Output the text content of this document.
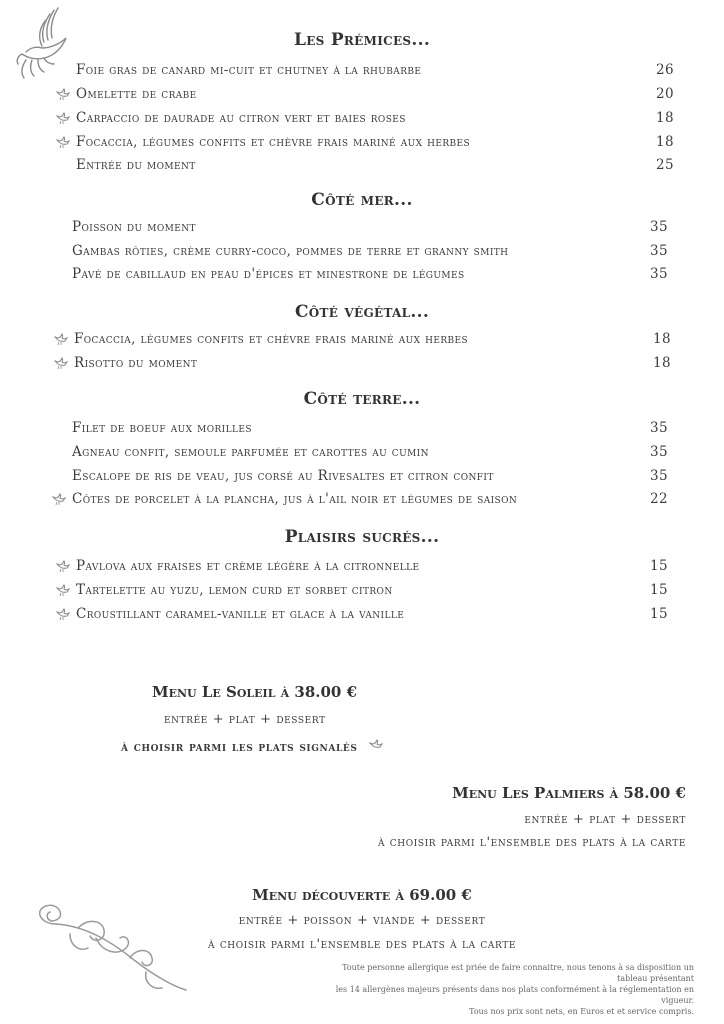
Les Prémices...
Foie gras de canard mi-cuit et chutney à la rhubarbe	26
Omelette de crabe	20
Carpaccio de daurade au citron vert et baies roses	18
Focaccia, légumes confits et chèvre frais mariné aux herbes	18
Entrée du moment	25
Côté mer...
Poisson du moment	35
Gambas rôties, crème curry-coco, pommes de terre et granny smith	35
Pavé de cabillaud en peau d'épices et minestrone de légumes	35
Côté végétal...
Focaccia, légumes confits et chèvre frais mariné aux herbes	18
Risotto du moment	18
Côté terre...
Filet de boeuf aux morilles	35
Agneau confit, semoule parfumée et carottes au cumin	35
Escalope de ris de veau, jus corsé au Rivesaltes et citron confit	35
Côtes de porcelet à la plancha, jus à l'ail noir et légumes de saison	22
Plaisirs sucrés...
Pavlova aux fraises et crème légère à la citronnelle	15
Tartelette au yuzu, lemon curd et sorbet citron	15
Croustillant caramel-vanille et glace à la vanille	15
Menu Le Soleil à 38.00 €
entrée + plat + dessert
à choisir parmi les plats signalés
Menu Les Palmiers à 58.00 €
entrée + plat + dessert
à choisir parmi l'ensemble des plats à la carte
Menu découverte à 69.00 €
entrée + poisson + viande + dessert
à choisir parmi l'ensemble des plats à la carte
Toute personne allergique est priée de faire connaitre, nous tenons à sa disposition un tableau présentant
les 14 allergènes majeurs présents dans nos plats conformément à la réglementation en vigueur.
Tous nos prix sont nets, en Euros et et service compris.
